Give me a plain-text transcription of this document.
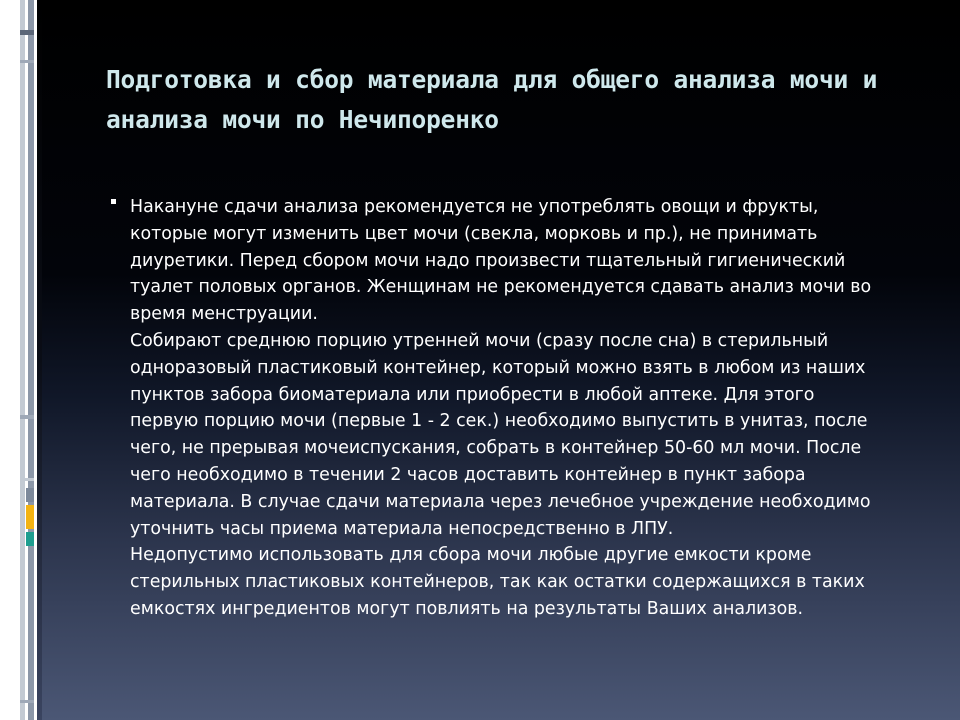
Подготовка и сбор материала для общего анализа мочи и анализа мочи по Нечипоренко

Накануне сдачи анализа рекомендуется не употреблять овощи и фрукты,

которые могут изменить цвет мочи (свекла, морковь и пр.), не принимать

диуретики. Перед сбором мочи надо произвести тщательный гигиенический

туалет половых органов. Женщинам не рекомендуется сдавать анализ мочи во

время менструации.

Собирают среднюю порцию утренней мочи (сразу после сна) в стерильный

одноразовый пластиковый контейнер, который можно взять в любом из наших

пунктов забора биоматериала или приобрести в любой аптеке. Для этого

первую порцию мочи (первые 1 - 2 сек.) необходимо выпустить в унитаз, после

чего, не прерывая мочеиспускания, собрать в контейнер 50-60 мл мочи. После

чего необходимо в течении 2 часов доставить контейнер в пункт забора

материала. В случае сдачи материала через лечебное учреждение необходимо

уточнить часы приема материала непосредственно в ЛПУ.

Недопустимо использовать для сбора мочи любые другие емкости кроме

стерильных пластиковых контейнеров, так как остатки содержащихся в таких

емкостях ингредиентов могут повлиять на результаты Ваших анализов.
